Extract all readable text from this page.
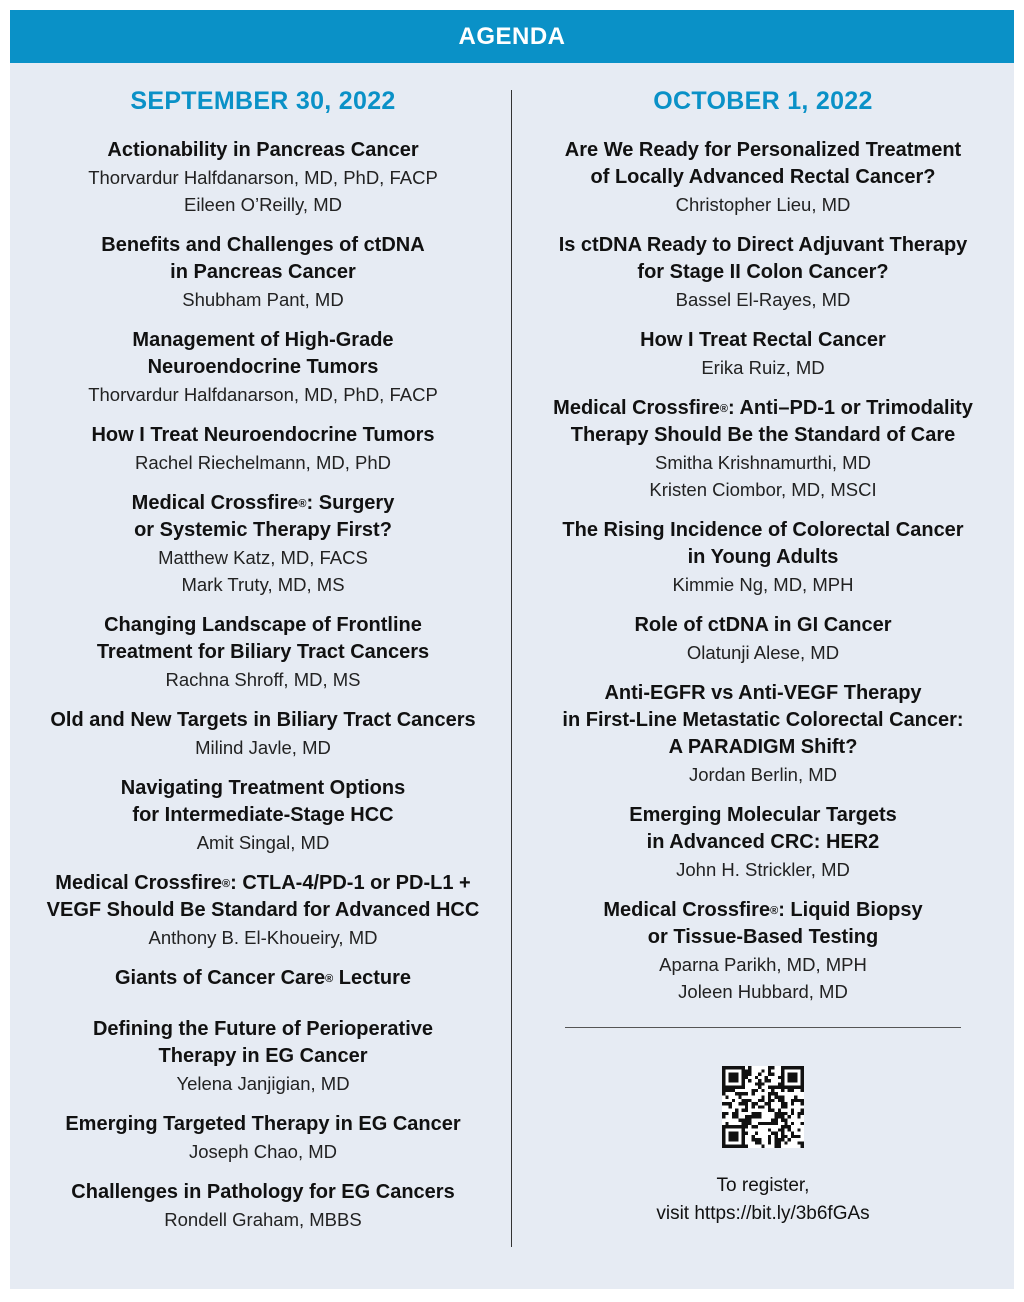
AGENDA
SEPTEMBER 30, 2022
Actionability in Pancreas Cancer
Thorvardur Halfdanarson, MD, PhD, FACP
Eileen O’Reilly, MD
Benefits and Challenges of ctDNA
in Pancreas Cancer
Shubham Pant, MD
Management of High-Grade
Neuroendocrine Tumors
Thorvardur Halfdanarson, MD, PhD, FACP
How I Treat Neuroendocrine Tumors
Rachel Riechelmann, MD, PhD
Medical Crossfire®: Surgery
or Systemic Therapy First?
Matthew Katz, MD, FACS
Mark Truty, MD, MS
Changing Landscape of Frontline
Treatment for Biliary Tract Cancers
Rachna Shroff, MD, MS
Old and New Targets in Biliary Tract Cancers
Milind Javle, MD
Navigating Treatment Options
for Intermediate-Stage HCC
Amit Singal, MD
Medical Crossfire®: CTLA-4/PD-1 or PD-L1 +
VEGF Should Be Standard for Advanced HCC
Anthony B. El-Khoueiry, MD
Giants of Cancer Care® Lecture
Defining the Future of Perioperative
Therapy in EG Cancer
Yelena Janjigian, MD
Emerging Targeted Therapy in EG Cancer
Joseph Chao, MD
Challenges in Pathology for EG Cancers
Rondell Graham, MBBS
OCTOBER 1, 2022
Are We Ready for Personalized Treatment
of Locally Advanced Rectal Cancer?
Christopher Lieu, MD
Is ctDNA Ready to Direct Adjuvant Therapy
for Stage II Colon Cancer?
Bassel El-Rayes, MD
How I Treat Rectal Cancer
Erika Ruiz, MD
Medical Crossfire®: Anti–PD-1 or Trimodality
Therapy Should Be the Standard of Care
Smitha Krishnamurthi, MD
Kristen Ciombor, MD, MSCI
The Rising Incidence of Colorectal Cancer
in Young Adults
Kimmie Ng, MD, MPH
Role of ctDNA in GI Cancer
Olatunji Alese, MD
Anti-EGFR vs Anti-VEGF Therapy
in First-Line Metastatic Colorectal Cancer:
A PARADIGM Shift?
Jordan Berlin, MD
Emerging Molecular Targets
in Advanced CRC: HER2
John H. Strickler, MD
Medical Crossfire®: Liquid Biopsy
or Tissue-Based Testing
Aparna Parikh, MD, MPH
Joleen Hubbard, MD
To register,
visit https://bit.ly/3b6fGAs
